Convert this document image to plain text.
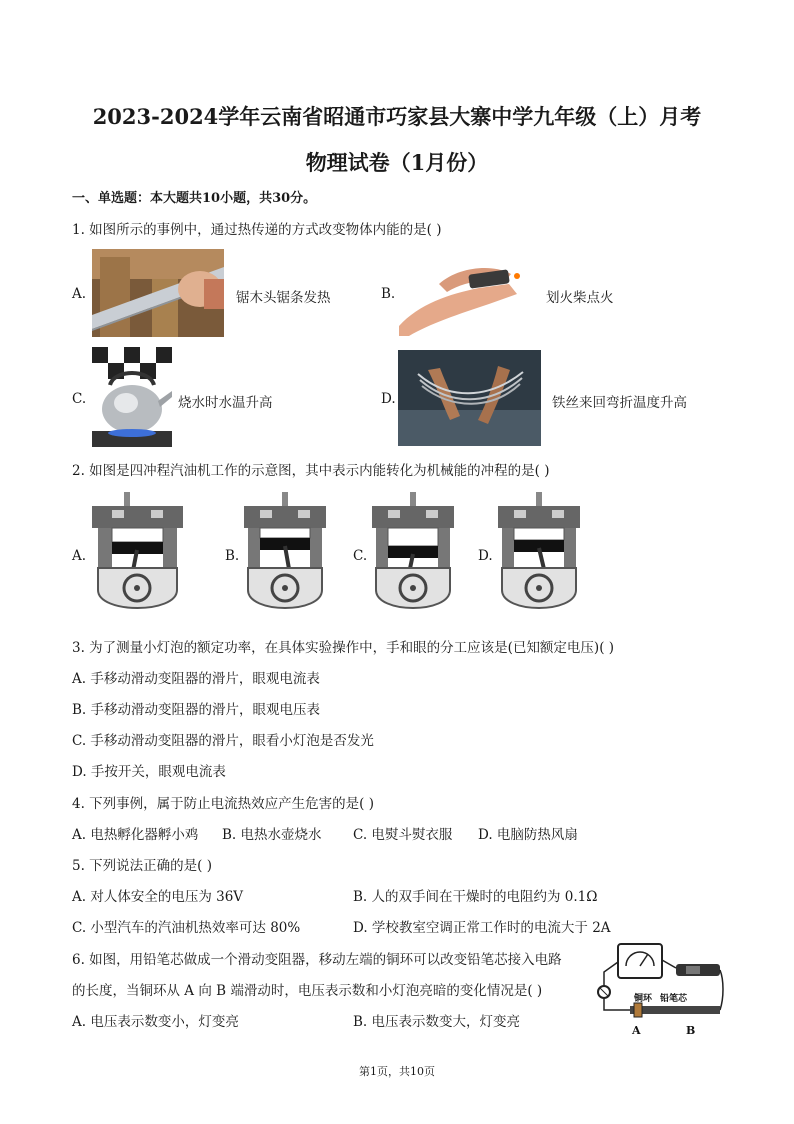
2023-2024学年云南省昭通市巧家县大寨中学九年级（上）月考
物理试卷（1月份）
一、单选题：本大题共10小题，共30分。
1. 如图所示的事例中，通过热传递的方式改变物体内能的是( )
A.	锯木头锯条发热	B.	划火柴点火
C.	烧水时水温升高	D.	铁丝来回弯折温度升高
2. 如图是四冲程汽油机工作的示意图，其中表示内能转化为机械能的冲程的是( )
A.	B.	C.	D.
3. 为了测量小灯泡的额定功率，在具体实验操作中，手和眼的分工应该是(已知额定电压)( )
A. 手移动滑动变阻器的滑片，眼观电流表
B. 手移动滑动变阻器的滑片，眼观电压表
C. 手移动滑动变阻器的滑片，眼看小灯泡是否发光
D. 手按开关，眼观电流表
4. 下列事例，属于防止电流热效应产生危害的是( )
A. 电热孵化器孵小鸡 B. 电热水壶烧水 C. 电熨斗熨衣服 D. 电脑防热风扇
5. 下列说法正确的是( )
A. 对人体安全的电压为 36V	B. 人的双手间在干燥时的电阻约为 0.1Ω
C. 小型汽车的汽油机热效率可达 80%	D. 学校教室空调正常工作时的电流大于 2A
6. 如图，用铅笔芯做成一个滑动变阻器，移动左端的铜环可以改变铅笔芯接入电路
的长度，当铜环从 A 向 B 端滑动时，电压表示数和小灯泡亮暗的变化情况是( )
A. 电压表示数变小，灯变亮	B. 电压表示数变大，灯变亮
铜环 铅笔芯
A	B
第1页，共10页
